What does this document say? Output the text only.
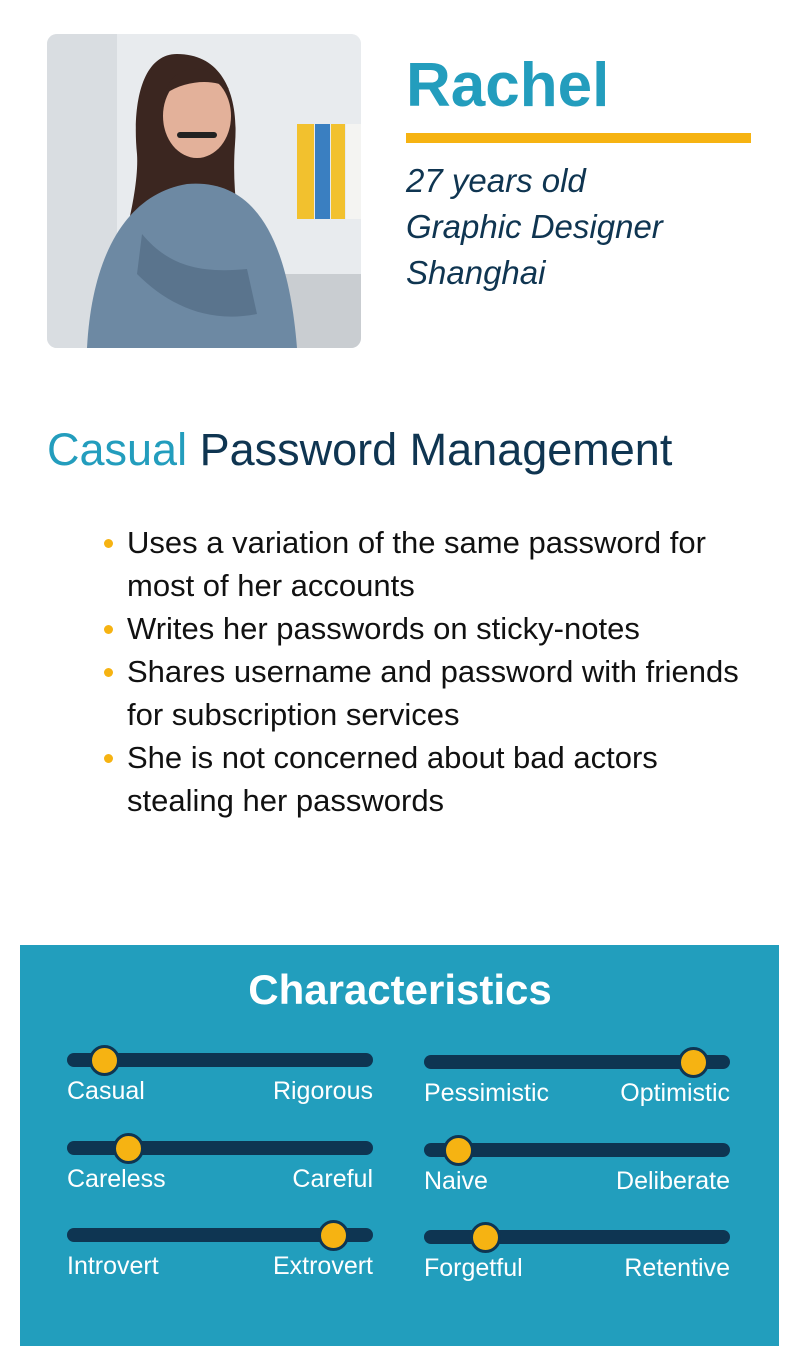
Rachel
27 years old
Graphic Designer
Shanghai
Casual Password Management
Uses a variation of the same password for most of her accounts
Writes her passwords on sticky-notes
Shares username and password with friends for subscription services
She is not concerned about bad actors stealing her passwords
Characteristics
Casual	Rigorous Pessimistic	Optimistic
Careless	Careful Naive	Deliberate
Introvert	Extrovert Forgetful	Retentive
